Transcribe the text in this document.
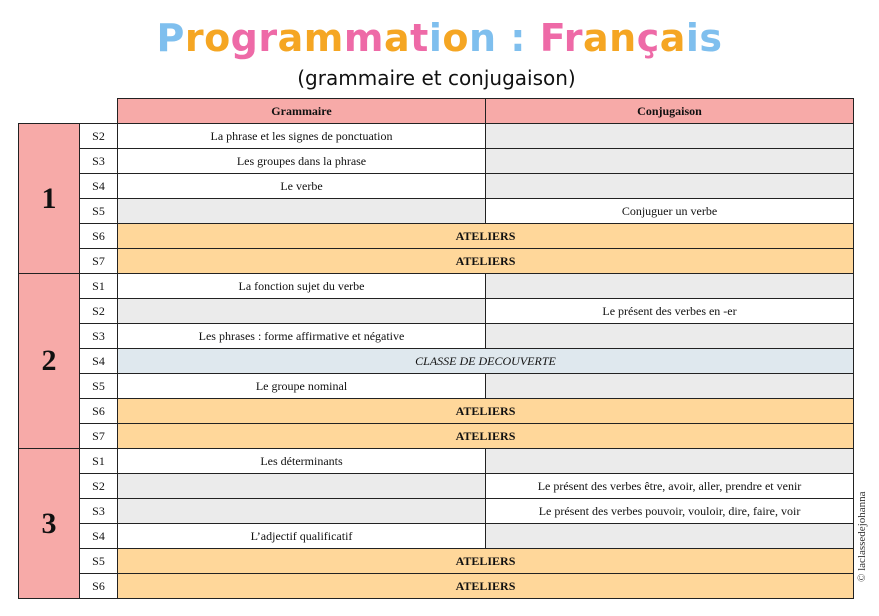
Programmation : Français
(grammaire et conjugaison)
		Grammaire	Conjugaison
1	S2	La phrase et les signes de ponctuation	
	S3	Les groupes dans la phrase	
	S4	Le verbe	
	S5		Conjuguer un verbe
	S6	ATELIERS	
	S7	ATELIERS	
2	S1	La fonction sujet du verbe	
	S2		Le présent des verbes en -er
	S3	Les phrases : forme affirmative et négative	
	S4	CLASSE DE DECOUVERTE	
	S5	Le groupe nominal	
	S6	ATELIERS	
	S7	ATELIERS	
3	S1	Les déterminants	
	S2		Le présent des verbes être, avoir, aller, prendre et venir
	S3		Le présent des verbes pouvoir, vouloir, dire, faire, voir
	S4	L’adjectif qualificatif	
	S5	ATELIERS	
	S6	ATELIERS	
© laclassedejohanna
